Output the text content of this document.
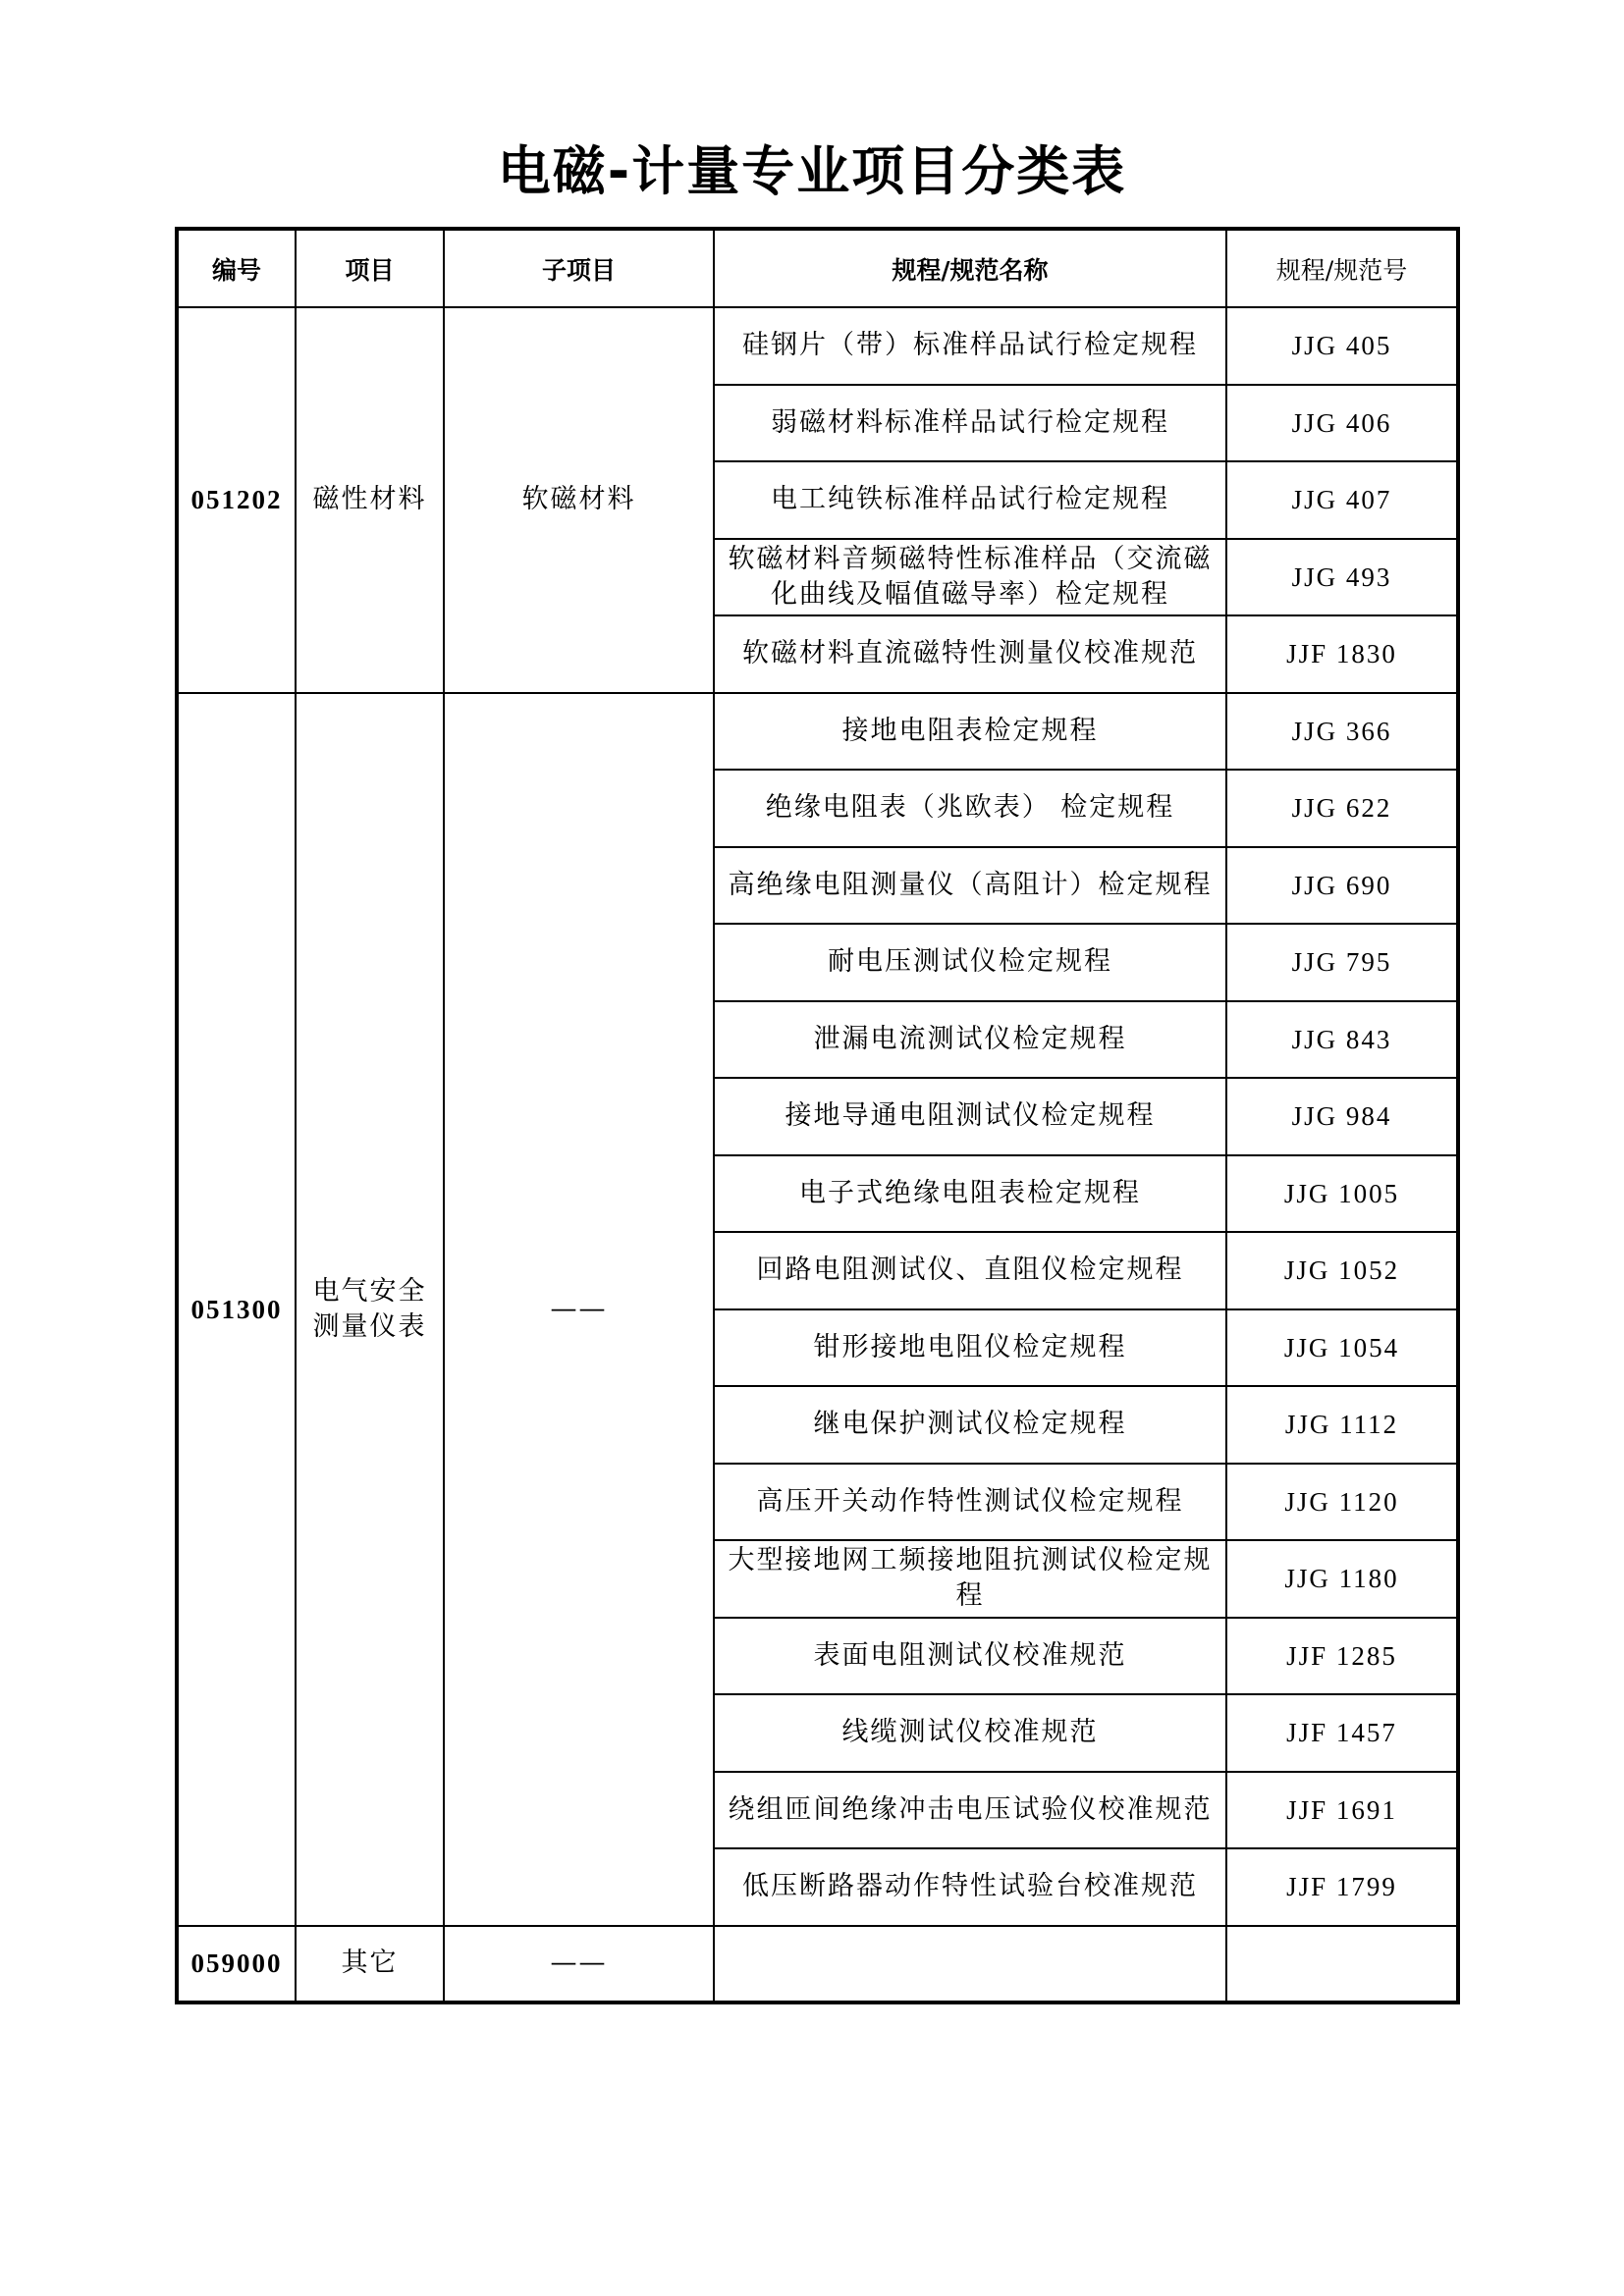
电磁-计量专业项目分类表
编号	项目	子项目	规程/规范名称	规程/规范号
051202	磁性材料	软磁材料	硅钢片（带）标准样品试行检定规程	JJG 405
			弱磁材料标准样品试行检定规程	JJG 406
			电工纯铁标准样品试行检定规程	JJG 407
			软磁材料音频磁特性标准样品（交流磁化曲线及幅值磁导率）检定规程	JJG 493
			软磁材料直流磁特性测量仪校准规范	JJF 1830
051300	电气安全测量仪表	——	接地电阻表检定规程	JJG 366
			绝缘电阻表（兆欧表） 检定规程	JJG 622
			高绝缘电阻测量仪（高阻计）检定规程	JJG 690
			耐电压测试仪检定规程	JJG 795
			泄漏电流测试仪检定规程	JJG 843
			接地导通电阻测试仪检定规程	JJG 984
			电子式绝缘电阻表检定规程	JJG 1005
			回路电阻测试仪、直阻仪检定规程	JJG 1052
			钳形接地电阻仪检定规程	JJG 1054
			继电保护测试仪检定规程	JJG 1112
			高压开关动作特性测试仪检定规程	JJG 1120
			大型接地网工频接地阻抗测试仪检定规程	JJG 1180
			表面电阻测试仪校准规范	JJF 1285
			线缆测试仪校准规范	JJF 1457
			绕组匝间绝缘冲击电压试验仪校准规范	JJF 1691
			低压断路器动作特性试验台校准规范	JJF 1799
059000	其它	——		
